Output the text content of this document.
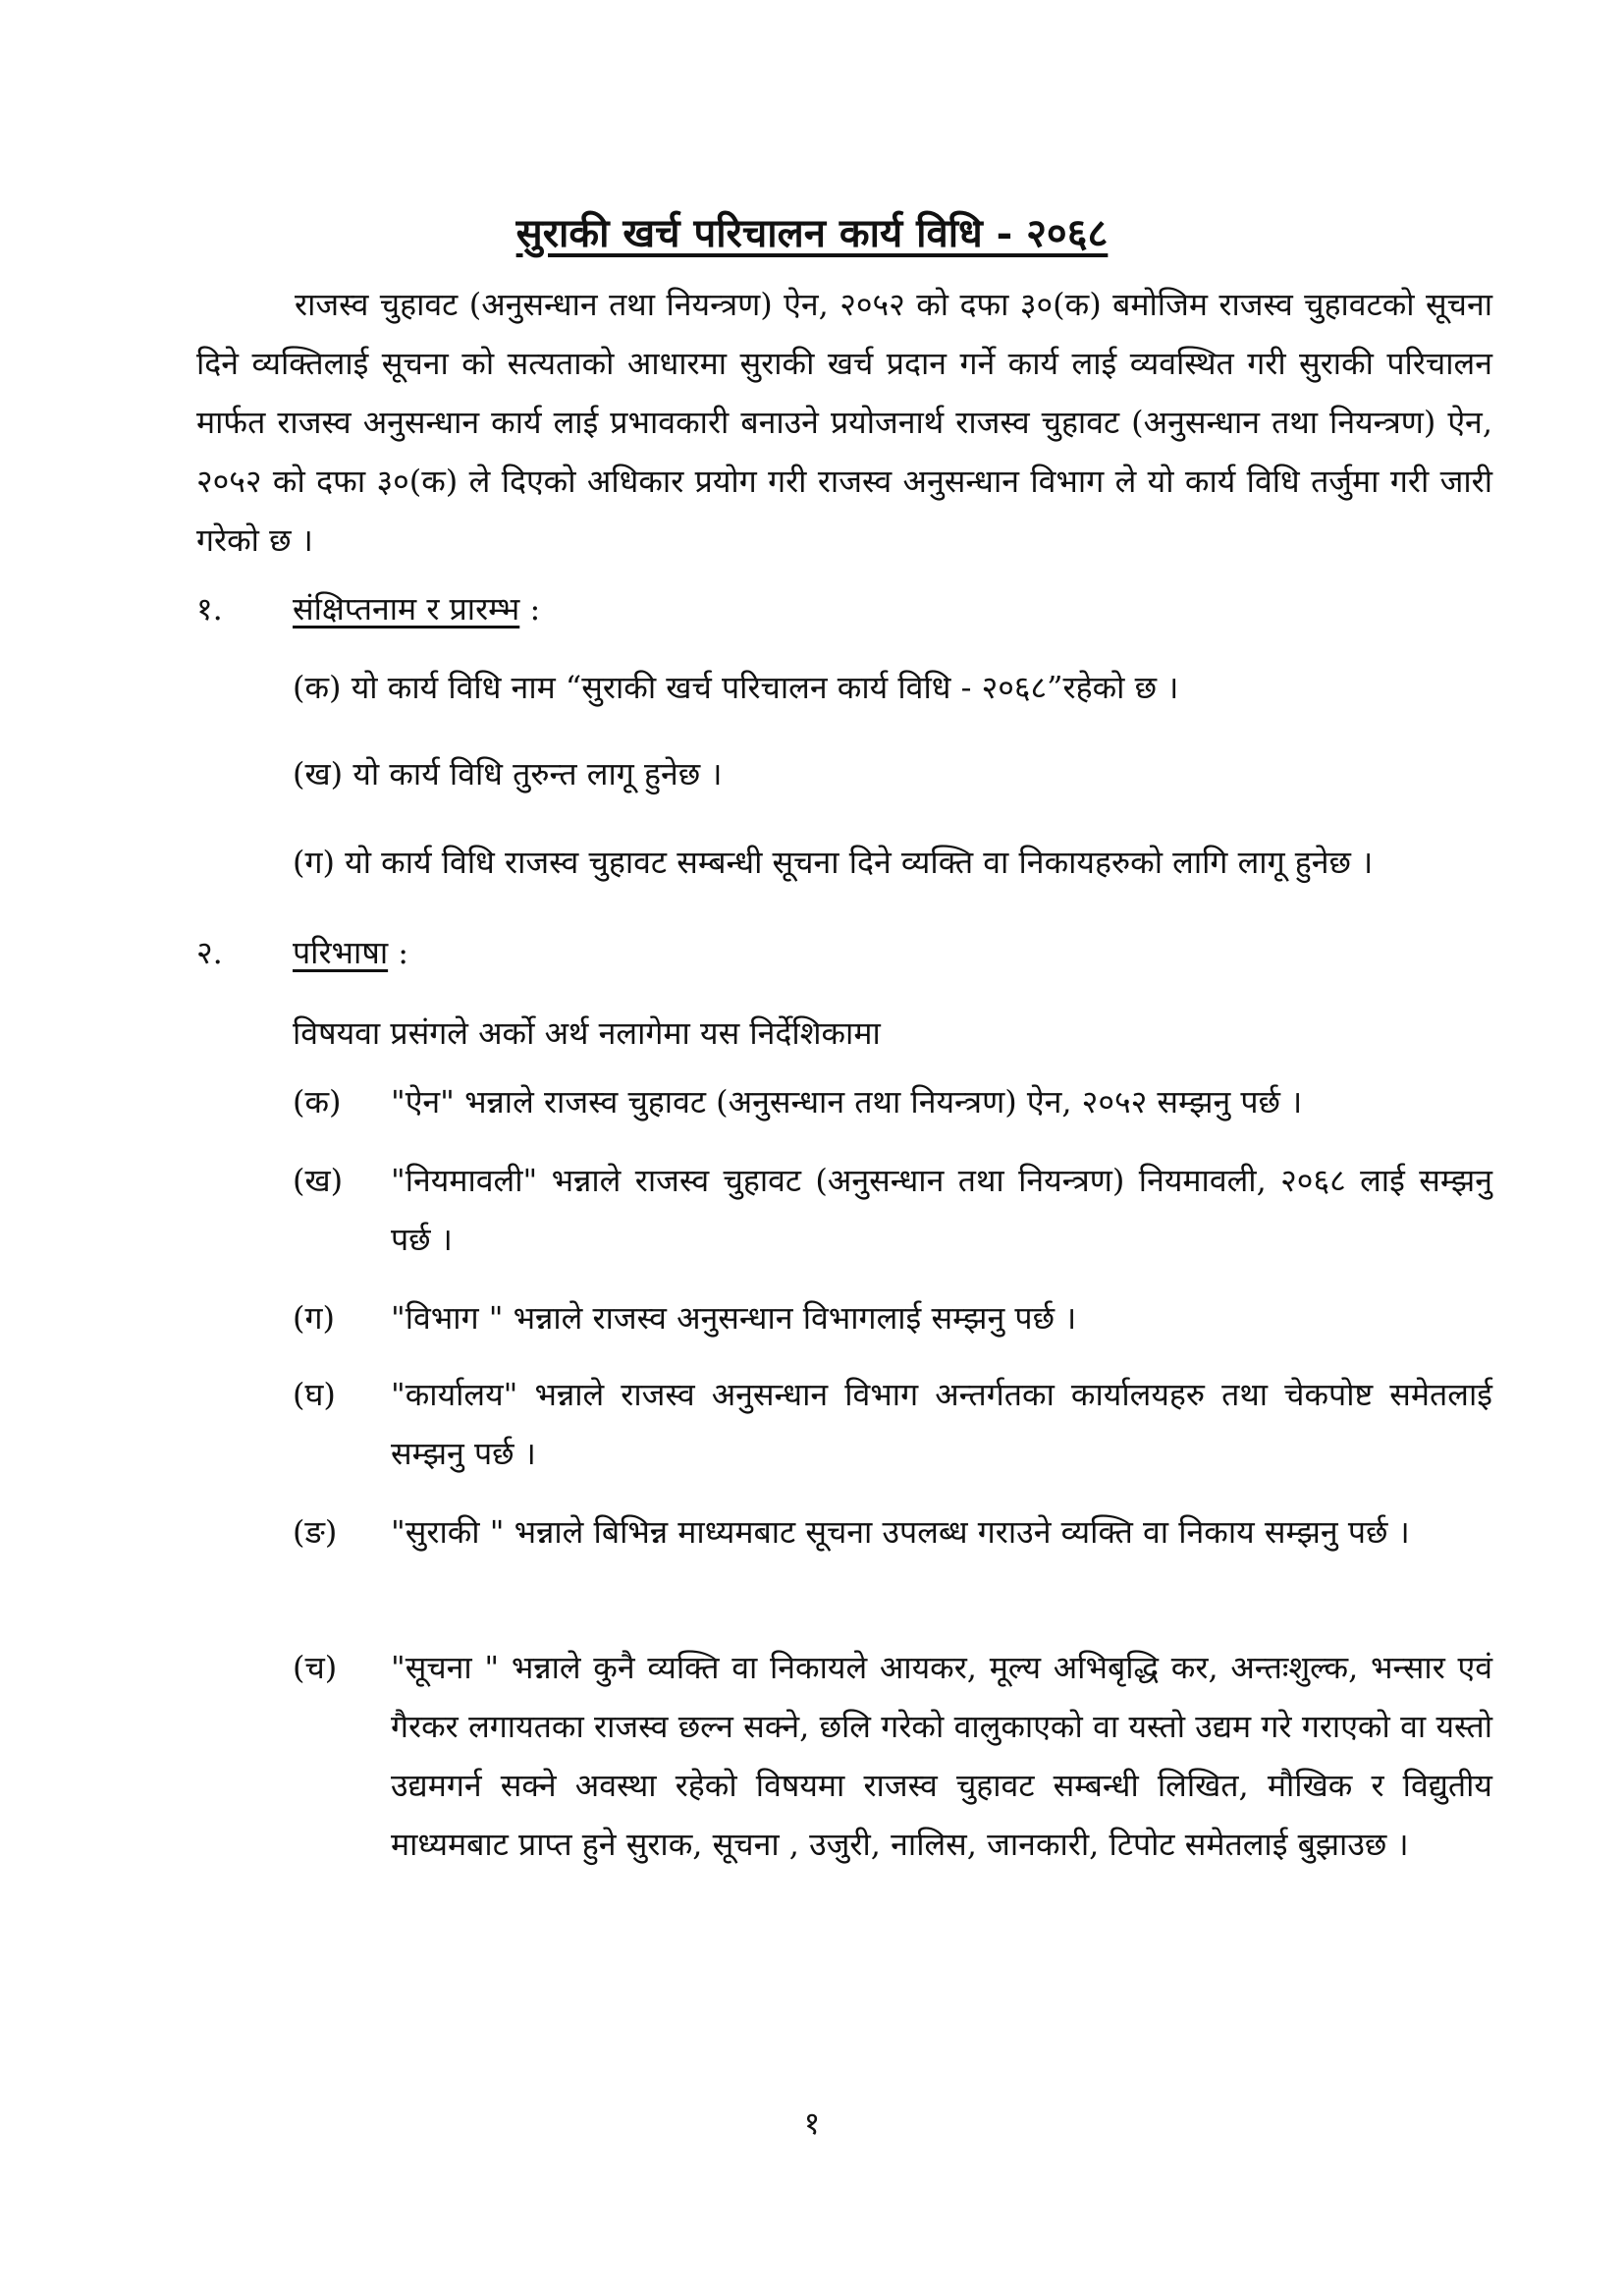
सुराकी खर्च परिचालन कार्य विधि - २०६८
राजस्व चुहावट (अनुसन्धान तथा नियन्त्रण) ऐन, २०५२ को दफा ३०(क) बमोजिम राजस्व चुहावटको सूचना दिने व्यक्तिलाई सूचना को सत्यताको आधारमा सुराकी खर्च प्रदान गर्ने कार्य लाई व्यवस्थित गरी सुराकी परिचालन मार्फत राजस्व अनुसन्धान कार्य लाई प्रभावकारी बनाउने प्रयोजनार्थ राजस्व चुहावट (अनुसन्धान तथा नियन्त्रण) ऐन, २०५२ को दफा ३०(क) ले दिएको अधिकार प्रयोग गरी राजस्व अनुसन्धान विभाग ले यो कार्य विधि तर्जुमा गरी जारी गरेको छ ।
१. संक्षिप्तनाम र प्रारम्भ :
(क) यो कार्य विधि नाम “सुराकी खर्च परिचालन कार्य विधि - २०६८”रहेको छ ।
(ख) यो कार्य विधि तुरुन्त लागू हुनेछ ।
(ग) यो कार्य विधि राजस्व चुहावट सम्बन्धी सूचना दिने व्यक्ति वा निकायहरुको लागि लागू हुनेछ ।
२. परिभाषा :
विषयवा प्रसंगले अर्को अर्थ नलागेमा यस निर्देशिकामा
(क) "ऐन" भन्नाले राजस्व चुहावट (अनुसन्धान तथा नियन्त्रण) ऐन, २०५२ सम्झनु पर्छ ।
(ख) "नियमावली" भन्नाले राजस्व चुहावट (अनुसन्धान तथा नियन्त्रण) नियमावली, २०६८ लाई सम्झनु पर्छ ।
(ग) "विभाग " भन्नाले राजस्व अनुसन्धान विभागलाई सम्झनु पर्छ ।
(घ) "कार्यालय" भन्नाले राजस्व अनुसन्धान विभाग अन्तर्गतका कार्यालयहरु तथा चेकपोष्ट समेतलाई सम्झनु पर्छ ।
(ङ) "सुराकी " भन्नाले बिभिन्न माध्यमबाट सूचना उपलब्ध गराउने व्यक्ति वा निकाय सम्झनु पर्छ ।
(च) "सूचना " भन्नाले कुनै व्यक्ति वा निकायले आयकर, मूल्य अभिबृद्धि कर, अन्तःशुल्क, भन्सार एवं गैरकर लगायतका राजस्व छल्न सक्ने, छलि गरेको वालुकाएको वा यस्तो उद्यम गरे गराएको वा यस्तो उद्यमगर्न सक्ने अवस्था रहेको विषयमा राजस्व चुहावट सम्बन्धी लिखित, मौखिक र विद्युतीय माध्यमबाट प्राप्त हुने सुराक, सूचना , उजुरी, नालिस, जानकारी, टिपोट समेतलाई बुझाउछ ।
१
